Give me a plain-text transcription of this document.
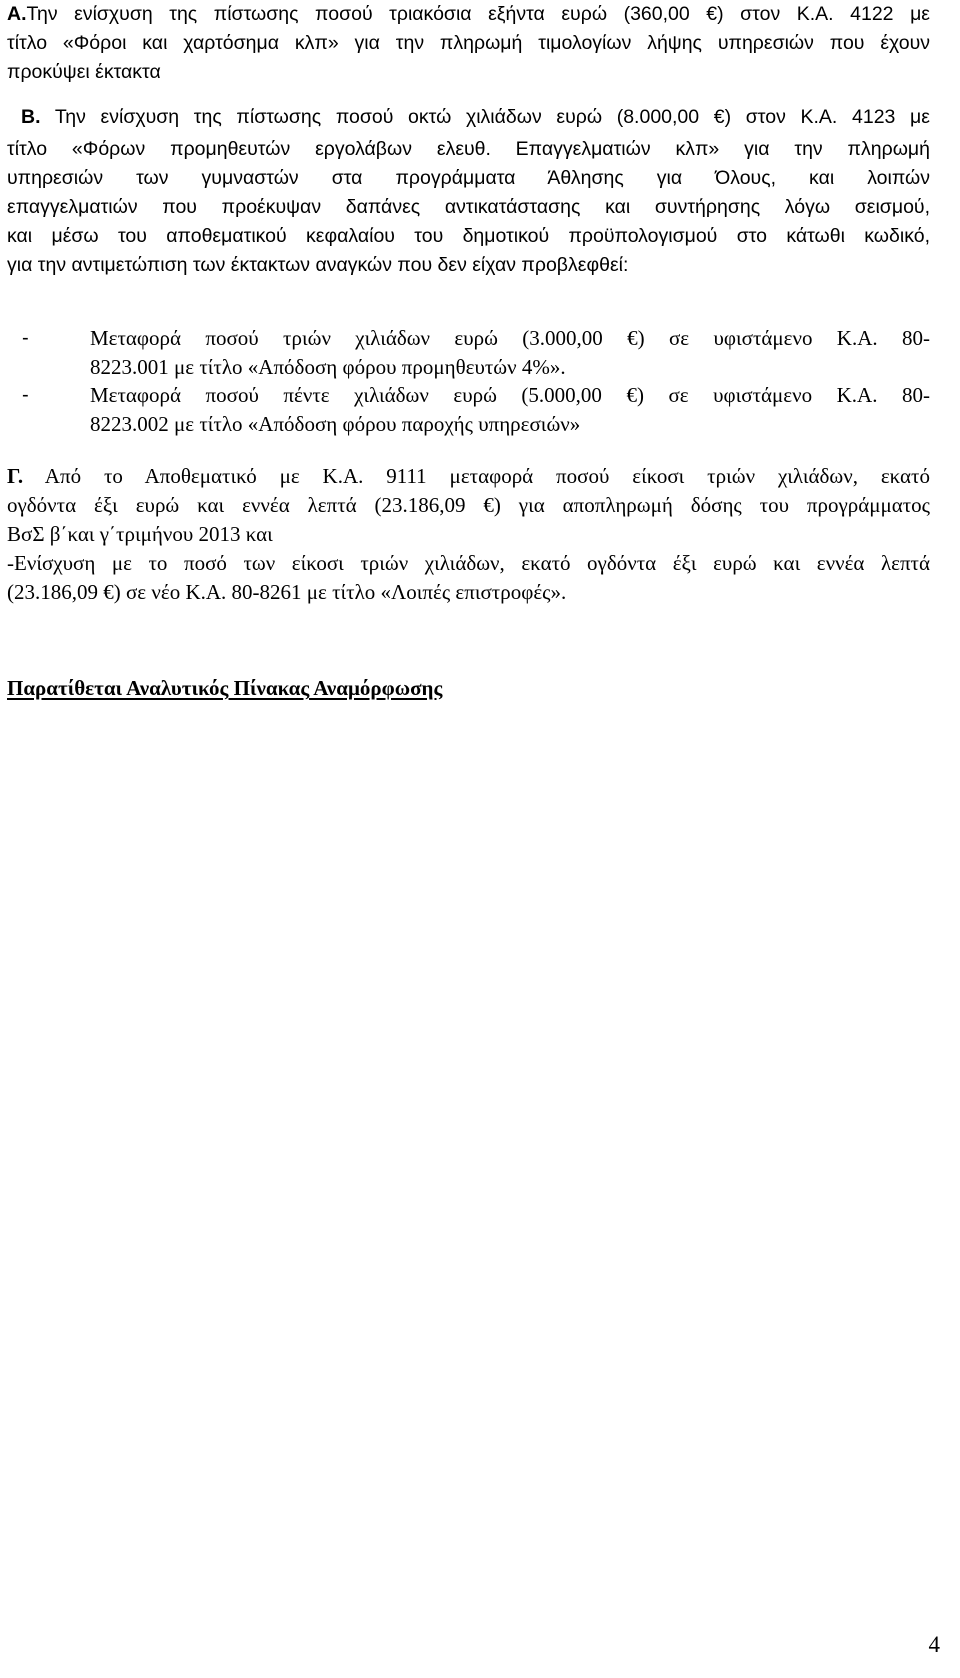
Α.Την ενίσχυση της πίστωσης ποσού τριακόσια εξήντα ευρώ (360,00 €) στον Κ.Α. 4122 με
τίτλο «Φόροι και χαρτόσημα κλπ» για την πληρωμή τιμολογίων λήψης υπηρεσιών που έχουν
προκύψει έκτακτα
Β. Την ενίσχυση της πίστωσης ποσού οκτώ χιλιάδων ευρώ (8.000,00 €) στον Κ.Α. 4123 με
τίτλο «Φόρων προμηθευτών εργολάβων ελευθ. Επαγγελματιών κλπ» για την πληρωμή
υπηρεσιών των γυμναστών στα προγράμματα Άθλησης για Όλους, και λοιπών
επαγγελματιών που προέκυψαν δαπάνες αντικατάστασης και συντήρησης λόγω σεισμού,
και μέσω του αποθεματικού κεφαλαίου του δημοτικού προϋπολογισμού στο κάτωθι κωδικό,
για την αντιμετώπιση των έκτακτων αναγκών που δεν είχαν προβλεφθεί:
-	Μεταφορά ποσού τριών χιλιάδων ευρώ (3.000,00 €) σε υφιστάμενο Κ.Α. 80-
8223.001 με τίτλο «Απόδοση φόρου προμηθευτών 4%».
-	Μεταφορά ποσού πέντε χιλιάδων ευρώ (5.000,00 €) σε υφιστάμενο Κ.Α. 80-
8223.002 με τίτλο «Απόδοση φόρου παροχής υπηρεσιών»
Γ. Από το Αποθεματικό με Κ.Α. 9111 μεταφορά ποσού είκοσι τριών χιλιάδων, εκατό
ογδόντα έξι ευρώ και εννέα λεπτά (23.186,09 €) για αποπληρωμή δόσης του προγράμματος
ΒσΣ β΄και γ΄τριμήνου 2013 και
-Ενίσχυση με το ποσό των είκοσι τριών χιλιάδων, εκατό ογδόντα έξι ευρώ και εννέα λεπτά
(23.186,09 €) σε νέο Κ.Α. 80-8261 με τίτλο «Λοιπές επιστροφές».
Παρατίθεται Αναλυτικός Πίνακας Αναμόρφωσης
4
